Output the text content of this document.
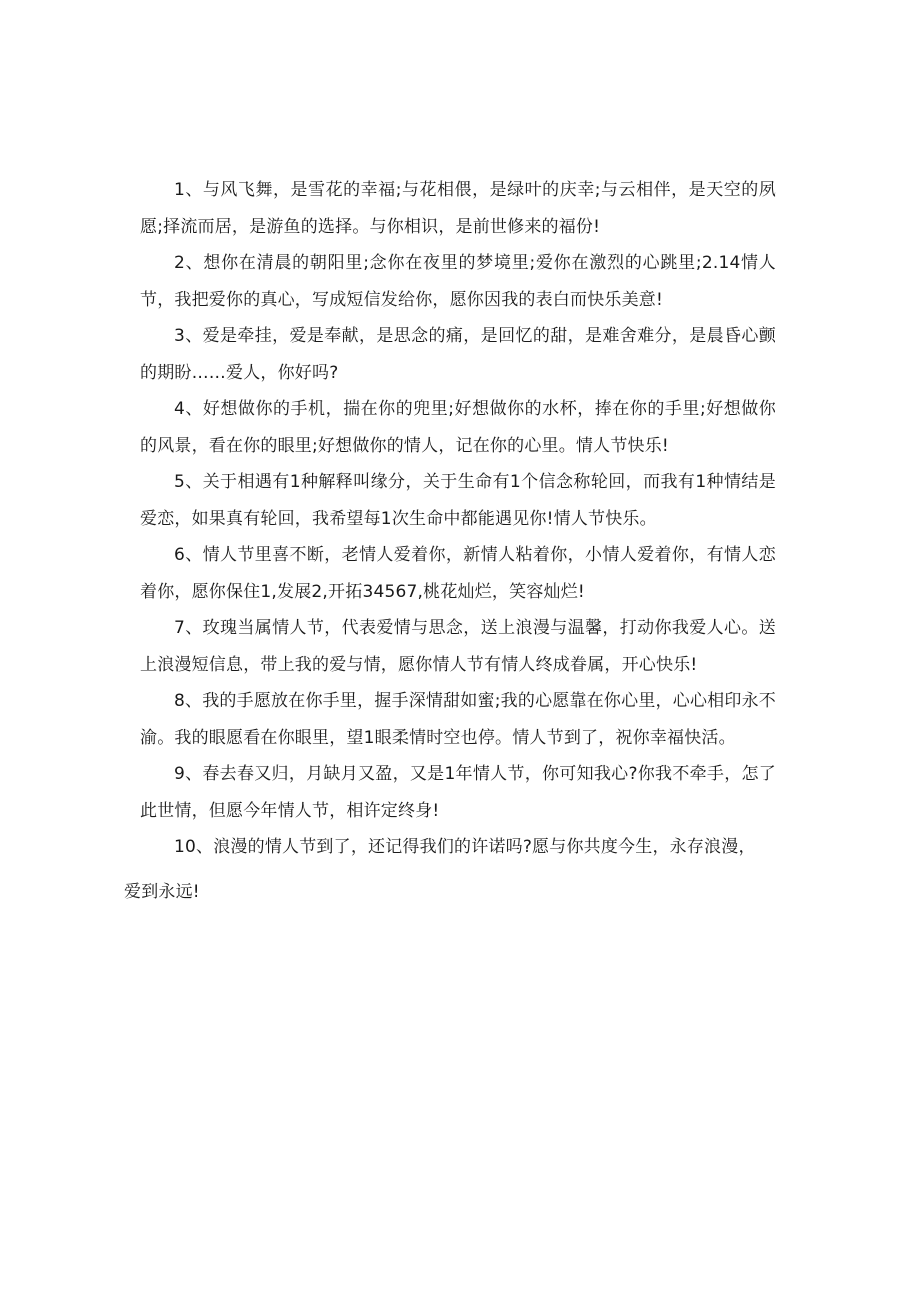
1、与风飞舞，是雪花的幸福;与花相偎，是绿叶的庆幸;与云相伴，是天空的夙愿;择流而居，是游鱼的选择。与你相识，是前世修来的福份!

2、想你在清晨的朝阳里;念你在夜里的梦境里;爱你在激烈的心跳里;2.14情人节，我把爱你的真心，写成短信发给你，愿你因我的表白而快乐美意!

3、爱是牵挂，爱是奉献，是思念的痛，是回忆的甜，是难舍难分，是晨昏心颤的期盼……爱人，你好吗?

4、好想做你的手机，揣在你的兜里;好想做你的水杯，捧在你的手里;好想做你的风景，看在你的眼里;好想做你的情人，记在你的心里。情人节快乐!

5、关于相遇有1种解释叫缘分，关于生命有1个信念称轮回，而我有1种情结是爱恋，如果真有轮回，我希望每1次生命中都能遇见你!情人节快乐。

6、情人节里喜不断，老情人爱着你，新情人粘着你，小情人爱着你，有情人恋着你，愿你保住1,发展2,开拓34567,桃花灿烂，笑容灿烂!

7、玫瑰当属情人节，代表爱情与思念，送上浪漫与温馨，打动你我爱人心。送上浪漫短信息，带上我的爱与情，愿你情人节有情人终成眷属，开心快乐!

8、我的手愿放在你手里，握手深情甜如蜜;我的心愿靠在你心里，心心相印永不渝。我的眼愿看在你眼里，望1眼柔情时空也停。情人节到了，祝你幸福快活。

9、春去春又归，月缺月又盈，又是1年情人节，你可知我心?你我不牵手，怎了此世情，但愿今年情人节，相许定终身!

10、浪漫的情人节到了，还记得我们的许诺吗?愿与你共度今生，永存浪漫，
爱到永远!
